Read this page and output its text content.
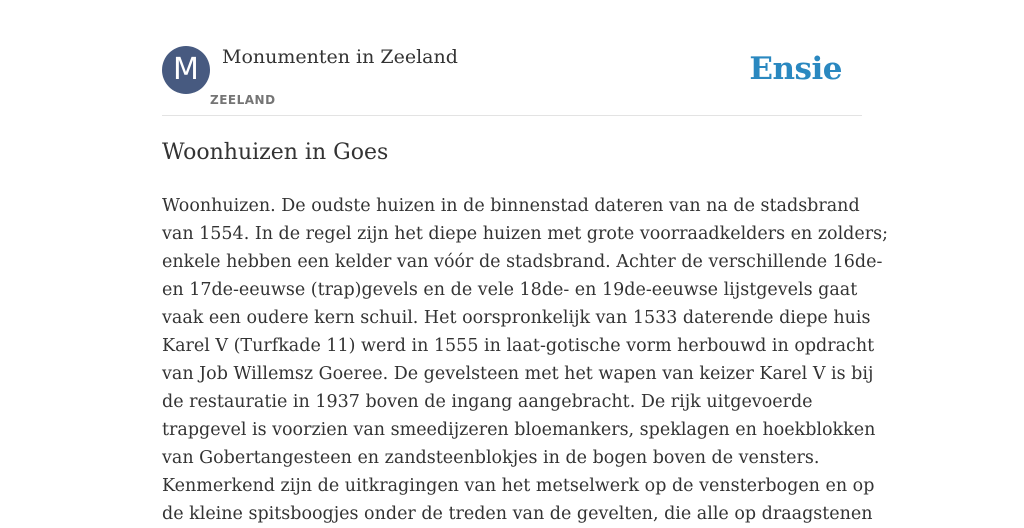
M	Monumenten in Zeeland
ZEELAND
Ensie
Woonhuizen in Goes
Woonhuizen. De oudste huizen in de binnenstad dateren van na de stadsbrand
van 1554. In de regel zijn het diepe huizen met grote voorraadkelders en zolders;
enkele hebben een kelder van vóór de stadsbrand. Achter de verschillende 16de-
en 17de-eeuwse (trap)gevels en de vele 18de- en 19de-eeuwse lijstgevels gaat
vaak een oudere kern schuil. Het oorspronkelijk van 1533 daterende diepe huis
Karel V (Turfkade 11) werd in 1555 in laat-gotische vorm herbouwd in opdracht
van Job Willemsz Goeree. De gevelsteen met het wapen van keizer Karel V is bij
de restauratie in 1937 boven de ingang aangebracht. De rijk uitgevoerde
trapgevel is voorzien van smeedijzeren bloemankers, speklagen en hoekblokken
van Gobertangesteen en zandsteenblokjes in de bogen boven de vensters.
Kenmerkend zijn de uitkragingen van het metselwerk op de vensterbogen en op
de kleine spitsboogjes onder de treden van de gevelten, die alle op draagstenen
